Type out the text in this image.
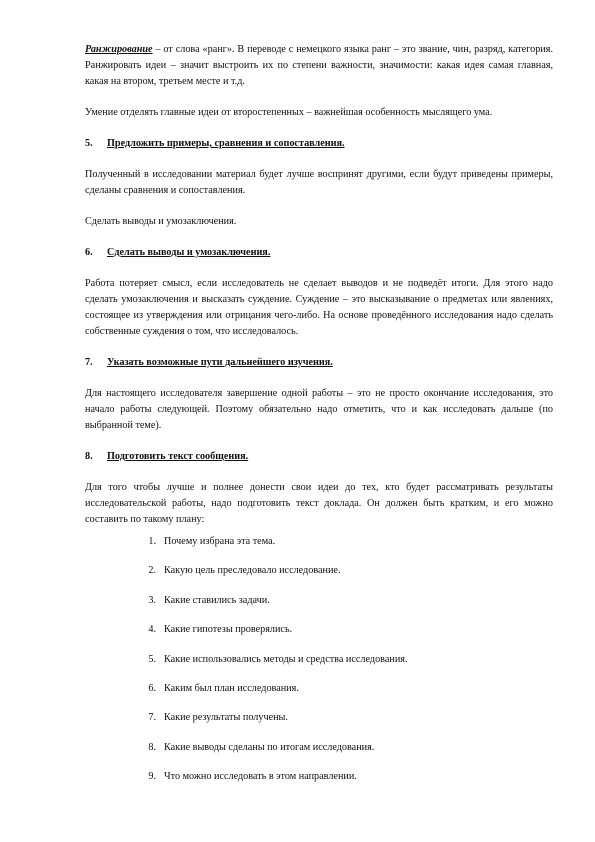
Ранжирование – от слова «ранг». В переводе с немецкого языка ранг – это звание, чин, разряд, категория. Ранжировать идеи – значит выстроить их по степени важности, значимости: какая идея самая главная, какая на втором, третьем месте и т.д.

Умение отделять главные идеи от второстепенных – важнейшая особенность мыслящего ума.

5. Предложить примеры, сравнения и сопоставления.

Полученный в исследовании материал будет лучше воспринят другими, если будут приведены примеры, сделаны сравнения и сопоставления.

Сделать выводы и умозаключения.

6. Сделать выводы и умозаключения.

Работа потеряет смысл, если исследователь не сделает выводов и не подведёт итоги. Для этого надо сделать умозаключения и высказать суждение. Суждение – это высказывание о предметах или явлениях, состоящее из утверждения или отрицания чего-либо. На основе проведённого исследования надо сделать собственные суждения о том, что исследовалось.

7. Указать возможные пути дальнейшего изучения.

Для настоящего исследователя завершение одной работы – это не просто окончание исследования, это начало работы следующей. Поэтому обязательно надо отметить, что и как исследовать дальше (по выбранной теме).

8. Подготовить текст сообщения.

Для того чтобы лучше и полнее донести свои идеи до тех, кто будет рассматривать результаты исследовательской работы, надо подготовить текст доклада. Он должен быть кратким, и его можно составить по такому плану:

1. Почему избрана эта тема.
2. Какую цель преследовало исследование.
3. Какие ставились задачи.
4. Какие гипотезы проверялись.
5. Какие использовались методы и средства исследования.
6. Каким был план исследования.
7. Какие результаты получены.
8. Какие выводы сделаны по итогам исследования.
9. Что можно исследовать в этом направлении.
